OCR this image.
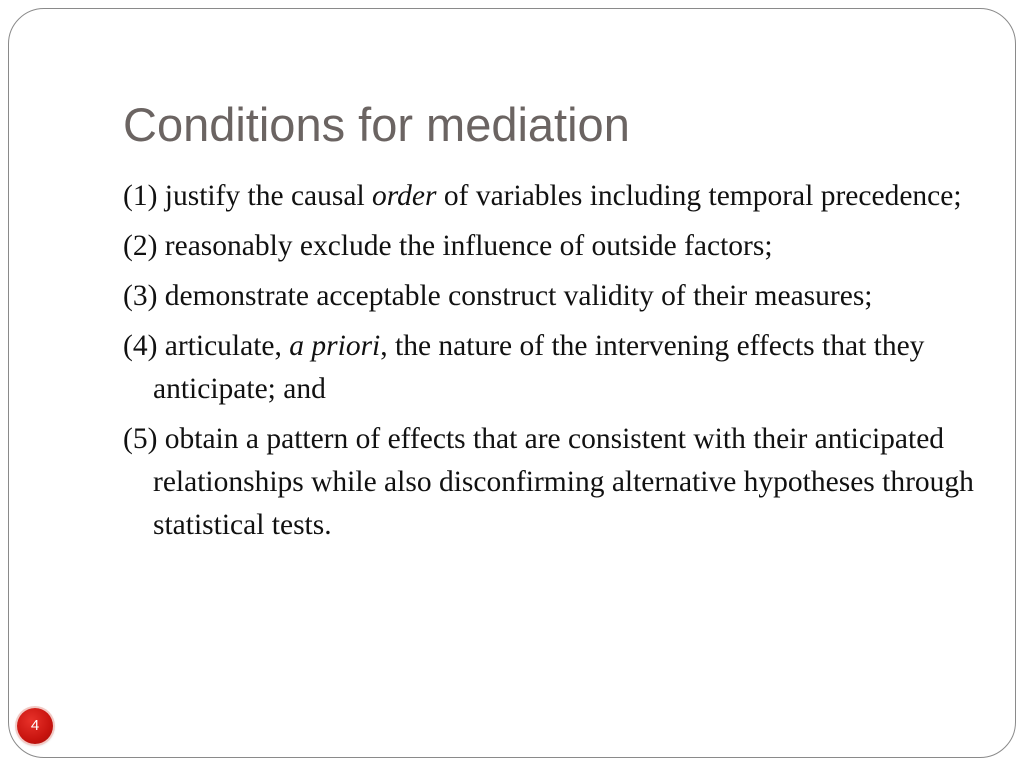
Conditions for mediation
(1) justify the causal order of variables including temporal precedence;
(2) reasonably exclude the influence of outside factors;
(3) demonstrate acceptable construct validity of their measures;
(4) articulate, a priori, the nature of the intervening effects that they anticipate; and
(5) obtain a pattern of effects that are consistent with their anticipated relationships while also disconfirming alternative hypotheses through statistical tests.
4
